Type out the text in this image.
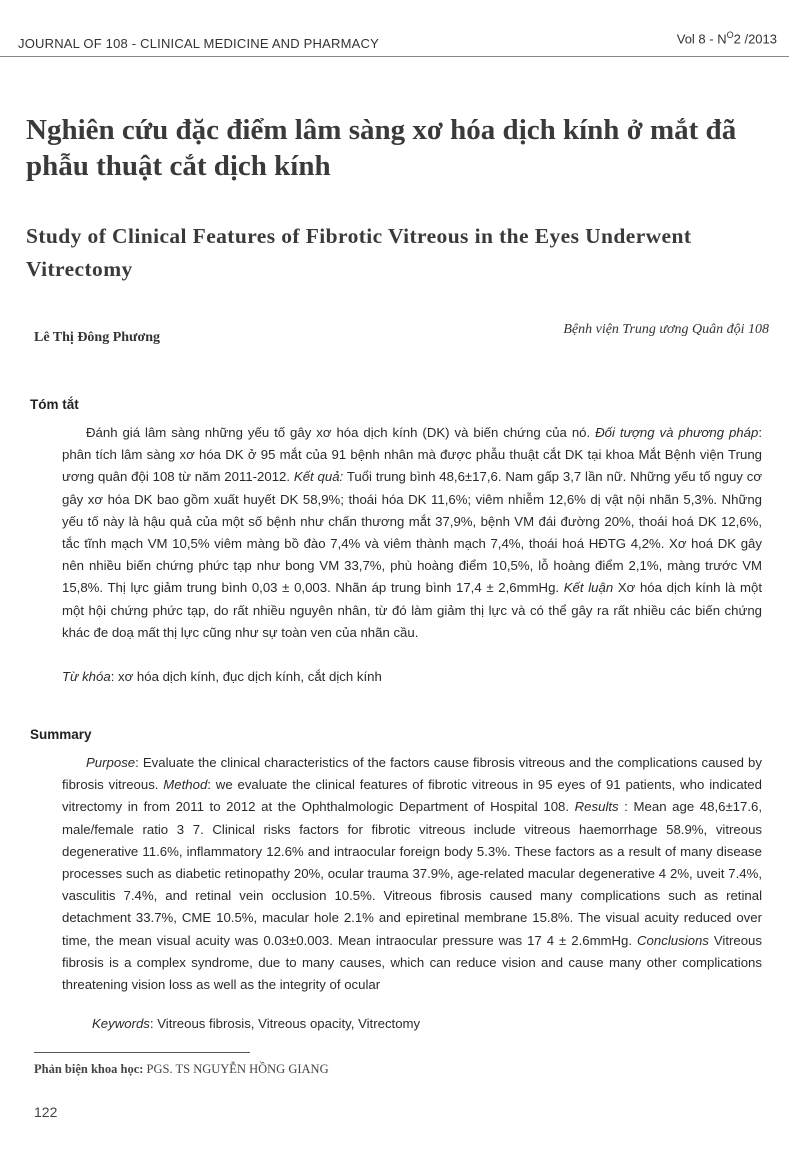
JOURNAL OF 108 - CLINICAL MEDICINE AND PHARMACY	Vol $8 - N^O2$ /2013
Nghiên cứu đặc điểm lâm sàng xơ hóa dịch kính ở mắt đã phẫu thuật cắt dịch kính
Study of Clinical Features of Fibrotic Vitreous in the Eyes Underwent Vitrectomy
Lê Thị Đông Phương
Bệnh viện Trung ương Quân đội 108
Tóm tắt
Đánh giá lâm sàng những yếu tố gây xơ hóa dịch kính (DK) và biến chứng của nó. Đối tượng và phương pháp: phân tích lâm sàng xơ hóa DK ở 95 mắt của 91 bệnh nhân mà được phẫu thuật cắt DK tại khoa Mắt Bệnh viện Trung ương quân đội 108 từ năm 2011-2012. Kết quả: Tuổi trung bình 48,6±17,6. Nam gấp 3,7 lần nữ. Những yếu tố nguy cơ gây xơ hóa DK bao gồm xuất huyết DK 58,9%; thoái hóa DK 11,6%; viêm nhiễm 12,6% dị vật nội nhãn 5,3%. Những yếu tố này là hậu quả của một số bệnh như chấn thương mắt 37,9%, bệnh VM đái đường 20%, thoái hoá DK 12,6%, tắc tĩnh mạch VM 10,5% viêm màng bồ đào 7,4% và viêm thành mạch 7,4%, thoái hoá HĐTG 4,2%. Xơ hoá DK gây nên nhiều biến chứng phức tạp như bong VM 33,7%, phù hoàng điểm 10,5%, lỗ hoàng điểm 2,1%, màng trước VM 15,8%. Thị lực giảm trung bình 0,03 ± 0,003. Nhãn áp trung bình 17,4 ± 2,6mmHg. Kết luận Xơ hóa dịch kính là một một hội chứng phức tạp, do rất nhiều nguyên nhân, từ đó làm giảm thị lực và có thể gây ra rất nhiều các biến chứng khác đe doạ mất thị lực cũng như sự toàn ven của nhãn cầu.
Từ khóa: xơ hóa dịch kính, đục dịch kính, cắt dịch kính
Summary
Purpose: Evaluate the clinical characteristics of the factors cause fibrosis vitreous and the complications caused by fibrosis vitreous. Method: we evaluate the clinical features of fibrotic vitreous in 95 eyes of 91 patients, who indicated vitrectomy in from 2011 to 2012 at the Ophthalmologic Department of Hospital 108. Results : Mean age 48,6±17.6, male/female ratio 3 7. Clinical risks factors for fibrotic vitreous include vitreous haemorrhage 58.9%, vitreous degenerative 11.6%, inflammatory 12.6% and intraocular foreign body 5.3%. These factors as a result of many disease processes such as diabetic retinopathy 20%, ocular trauma 37.9%, age-related macular degenerative 4 2%, uveit 7.4%, vasculitis 7.4%, and retinal vein occlusion 10.5%. Vitreous fibrosis caused many complications such as retinal detachment 33.7%, CME 10.5%, macular hole 2.1% and epiretinal membrane 15.8%. The visual acuity reduced over time, the mean visual acuity was 0.03±0.003. Mean intraocular pressure was 17 4 ± 2.6mmHg. Conclusions Vitreous fibrosis is a complex syndrome, due to many causes, which can reduce vision and cause many other complications threatening vision loss as well as the integrity of ocular
Keywords: Vitreous fibrosis, Vitreous opacity, Vitrectomy
Phản biện khoa học: PGS. TS NGUYỄN HỒNG GIANG
122
